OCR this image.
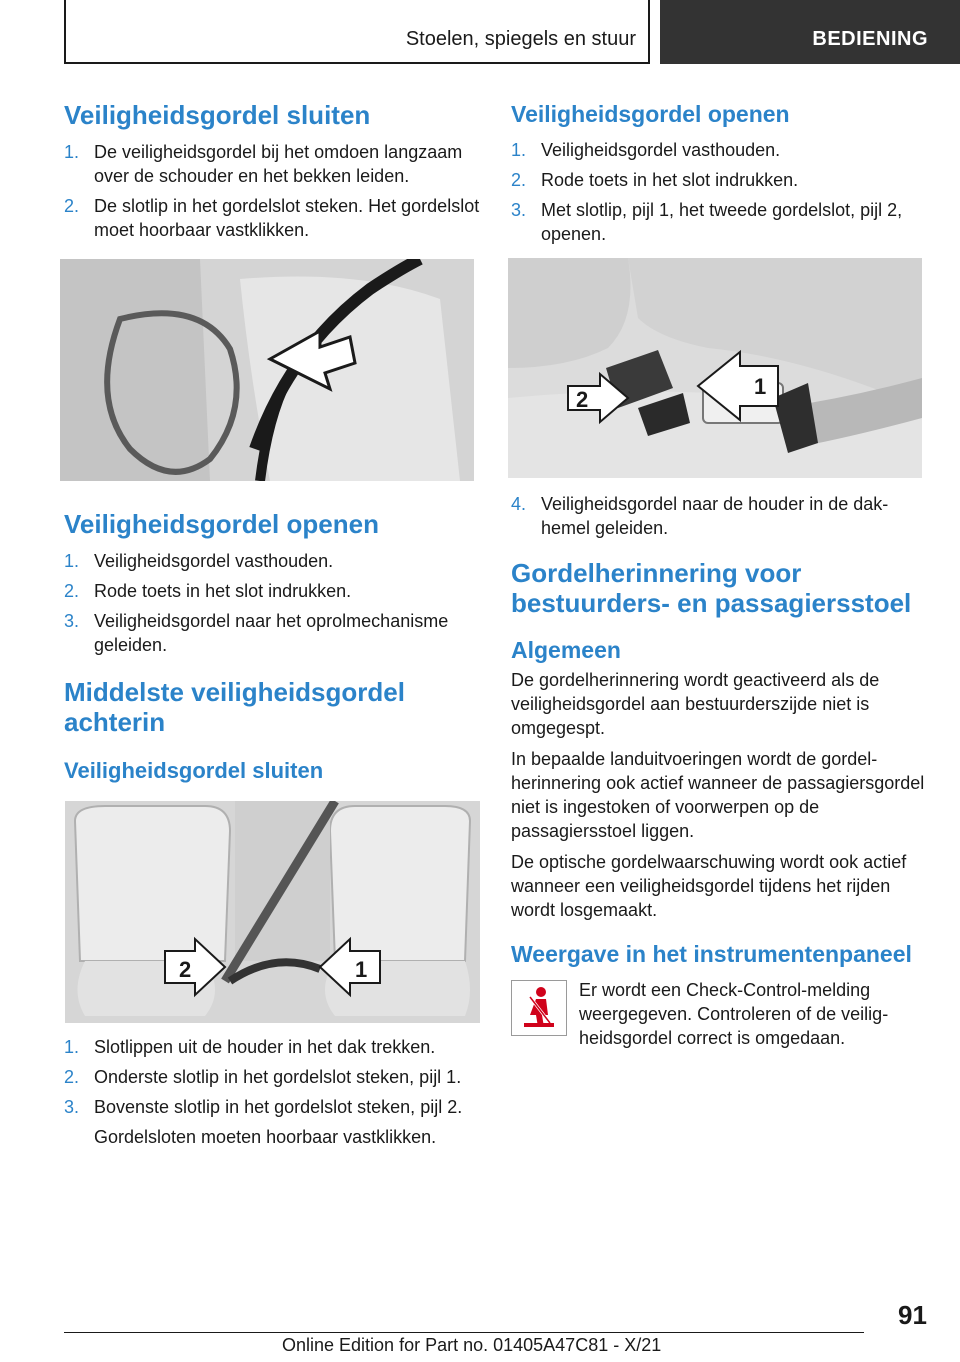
Stoelen, spiegels en stuur	BEDIENING
Veiligheidsgordel sluiten
1. De veiligheidsgordel bij het omdoen langzaam over de schouder en het bekken leiden.
2. De slotlip in het gordelslot steken. Het gordelslot moet hoorbaar vastklikken.
Veiligheidsgordel openen
1. Veiligheidsgordel vasthouden.
2. Rode toets in het slot indrukken.
3. Veiligheidsgordel naar het oprolmechanisme geleiden.
Middelste veiligheidsgordel achterin
Veiligheidsgordel sluiten
2	1
1. Slotlippen uit de houder in het dak trekken.
2. Onderste slotlip in het gordelslot steken, pijl 1.
3. Bovenste slotlip in het gordelslot steken, pijl 2.

Gordelsloten moeten hoorbaar vastklikken.

Veiligheidsgordel openen
1. Veiligheidsgordel vasthouden.
2. Rode toets in het slot indrukken.
3. Met slotlip, pijl 1, het tweede gordelslot, pijl 2, openen.
2
1
4. Veiligheidsgordel naar de houder in de dakhemel geleiden.
Gordelherinnering voor bestuurders- en passagiersstoel
Algemeen

De gordelherinnering wordt geactiveerd als de veiligheidsgordel aan bestuurderszijde niet is omgegespt.

In bepaalde landuitvoeringen wordt de gordelherinnering ook actief wanneer de passagiersgordel niet is ingestoken of voorwerpen op de passagiersstoel liggen.

De optische gordelwaarschuwing wordt ook actief wanneer een veiligheidsgordel tijdens het rijden wordt losgemaakt.

Weergave in het instrumentenpaneel

Er wordt een Check-Control-melding weergegeven. Controleren of de veiligheidsgordel correct is omgedaan.

91
Online Edition for Part no. 01405A47C81 - X/21
